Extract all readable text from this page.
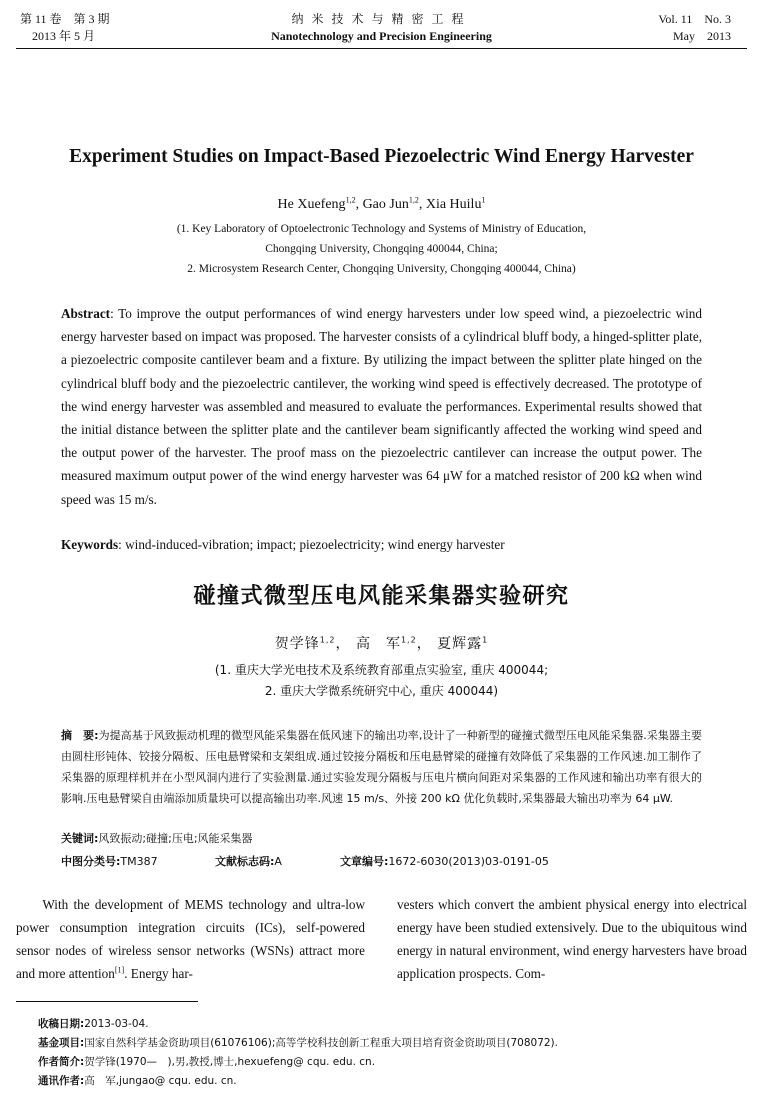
第 11 卷　第 3 期
2013 年 5 月
纳米技术与精密工程
Nanotechnology and Precision Engineering
Vol. 11　No. 3
May　2013
Experiment Studies on Impact-Based Piezoelectric Wind Energy Harvester
He Xuefeng$^{1,2}$, Gao Jun$^{1,2}$, Xia Huilu$^1$
(1. Key Laboratory of Optoelectronic Technology and Systems of Ministry of Education,
Chongqing University, Chongqing 400044, China;
2. Microsystem Research Center, Chongqing University, Chongqing 400044, China)
Abstract: To improve the output performances of wind energy harvesters under low speed wind, a piezoelectric wind energy harvester based on impact was proposed. The harvester consists of a cylindrical bluff body, a hinged-splitter plate, a piezoelectric composite cantilever beam and a fixture. By utilizing the impact between the splitter plate hinged on the cylindrical bluff body and the piezoelectric cantilever, the working wind speed is effectively decreased. The prototype of the wind energy harvester was assembled and measured to evaluate the performances. Experimental results showed that the initial distance between the splitter plate and the cantilever beam significantly affected the working wind speed and the output power of the harvester. The proof mass on the piezoelectric cantilever can increase the output power. The measured maximum output power of the wind energy harvester was 64 μW for a matched resistor of 200 kΩ when wind speed was 15 m/s.
Keywords: wind-induced-vibration; impact; piezoelectricity; wind energy harvester
碰撞式微型压电风能采集器实验研究
贺学锋$^{1,2}$， 高　军$^{1,2}$， 夏辉露$^1$
(1. 重庆大学光电技术及系统教育部重点实验室, 重庆 400044;
2. 重庆大学微系统研究中心, 重庆 400044)
摘　要:为提高基于风致振动机理的微型风能采集器在低风速下的输出功率,设计了一种新型的碰撞式微型压电风能采集器.采集器主要由圆柱形钝体、铰接分隔板、压电悬臂梁和支架组成.通过铰接分隔板和压电悬臂梁的碰撞有效降低了采集器的工作风速.加工制作了采集器的原理样机并在小型风洞内进行了实验测量.通过实验发现分隔板与压电片横向间距对采集器的工作风速和输出功率有很大的影响.压电悬臂梁自由端添加质量块可以提高输出功率.风速 15 m/s、外接 200 kΩ 优化负载时,采集器最大输出功率为 64 μW.
关键词:风致振动;碰撞;压电;风能采集器
中图分类号:TM387	文献标志码:A	文章编号:1672-6030(2013)03-0191-05
With the development of MEMS technology and ultra-low power consumption integration circuits (ICs), self-powered sensor nodes of wireless sensor networks (WSNs) attract more and more attention[1]. Energy har-
vesters which convert the ambient physical energy into electrical energy have been studied extensively. Due to the ubiquitous wind energy in natural environment, wind energy harvesters have broad application prospects. Com-
收稿日期:2013-03-04.
基金项目:国家自然科学基金资助项目(61076106);高等学校科技创新工程重大项目培育资金资助项目(708072).
作者简介:贺学锋(1970—　),男,教授,博士,hexuefeng@ cqu. edu. cn.
通讯作者:高　军,jungao@ cqu. edu. cn.
